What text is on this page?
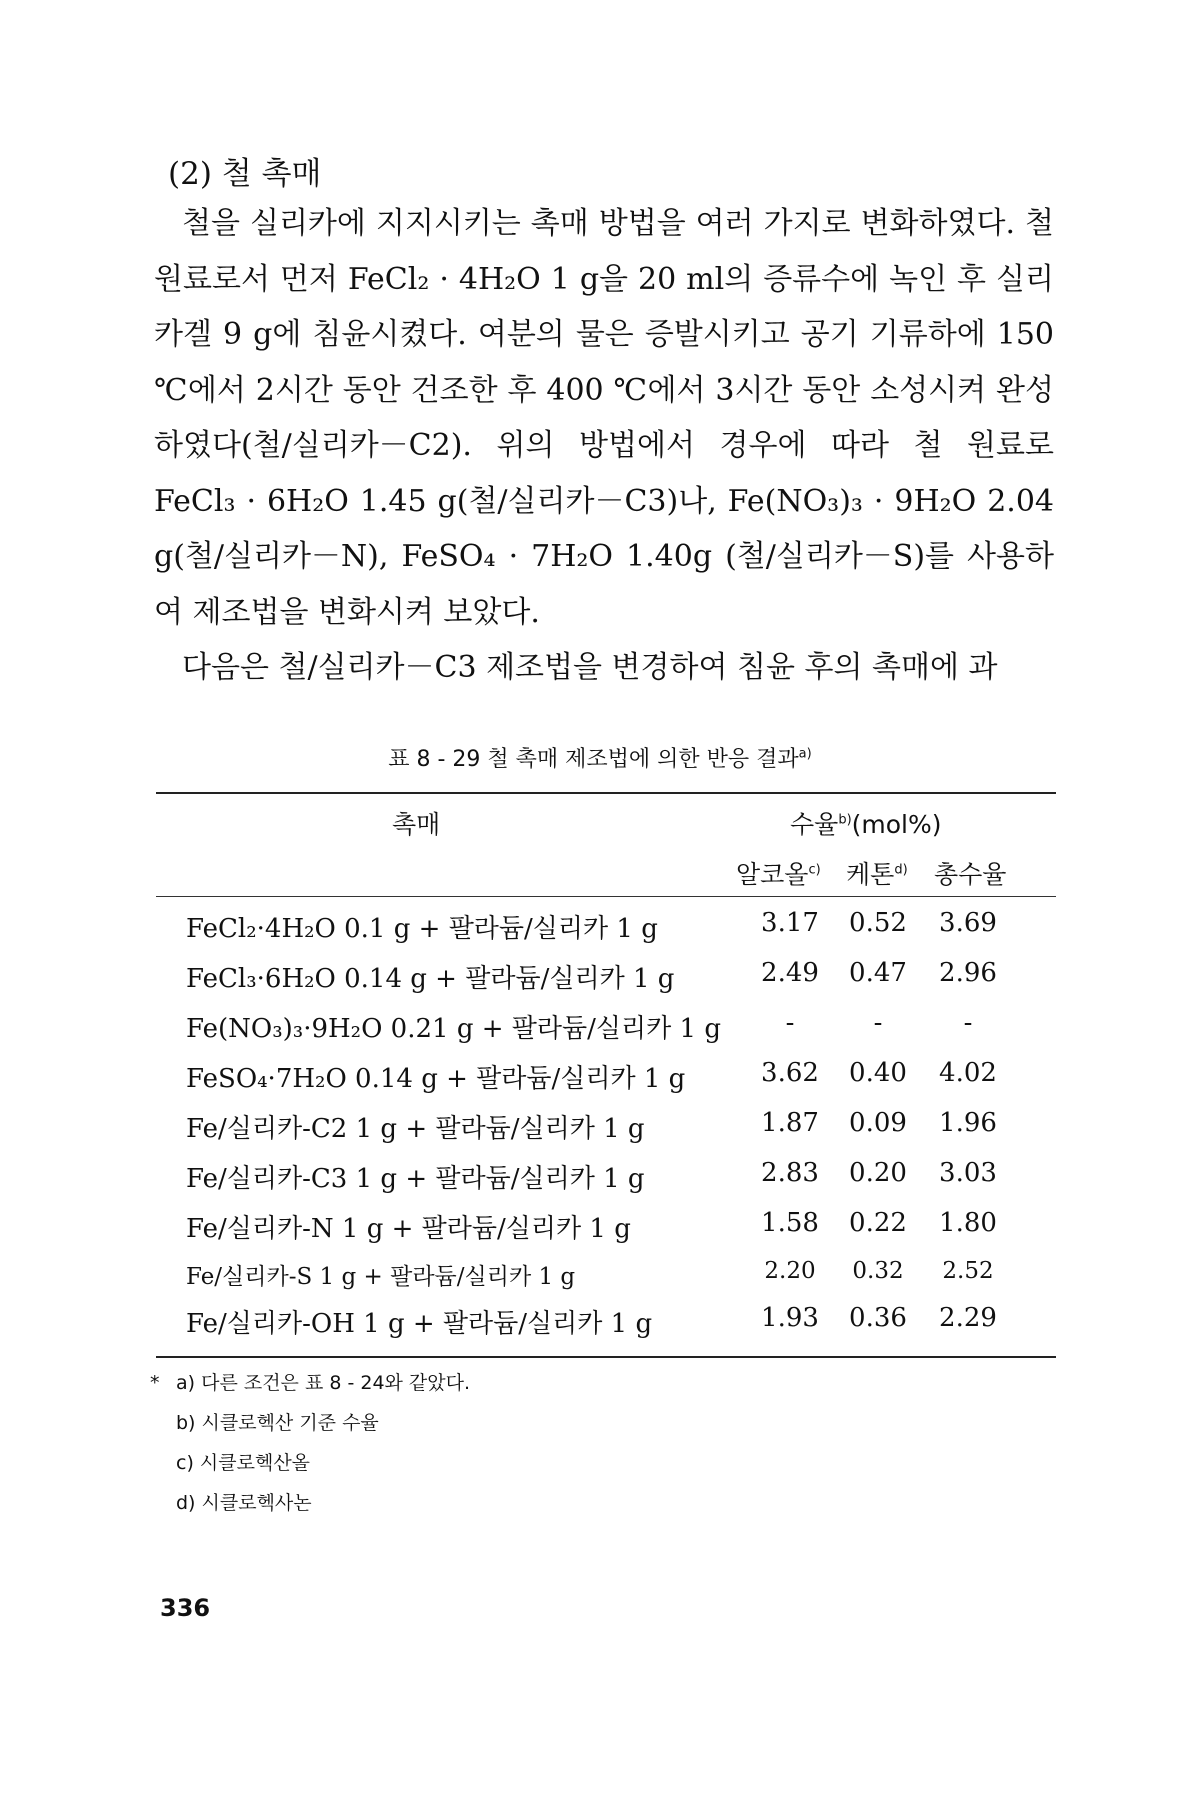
(2) 철 촉매

철을 실리카에 지지시키는 촉매 방법을 여러 가지로 변화하였다. 철 원료로서 먼저 FeCl₂ · 4H₂O 1 g을 20 ml의 증류수에 녹인 후 실리카겔 9 g에 침윤시켰다. 여분의 물은 증발시키고 공기 기류하에 150 ℃에서 2시간 동안 건조한 후 400 ℃에서 3시간 동안 소성시켜 완성하였다(철/실리카－C2). 위의 방법에서 경우에 따라 철 원료로 FeCl₃ · 6H₂O 1.45 g(철/실리카－C3)나, Fe(NO₃)₃ · 9H₂O 2.04 g(철/실리카－N), FeSO₄ · 7H₂O 1.40g (철/실리카－S)를 사용하여 제조법을 변화시켜 보았다.

다음은 철/실리카－C3 제조법을 변경하여 침윤 후의 촉매에 과

표 8 - 29 철 촉매 제조법에 의한 반응 결과$^{a)}$
촉매	수율$^{b)}$(mol%)
알코올$^{c)}$ 케톤$^{d)}$ 총수율
FeCl₂·4H₂O 0.1 g + 팔라듐/실리카 1 g	3.17	0.52	3.69
FeCl₃·6H₂O 0.14 g + 팔라듐/실리카 1 g	2.49	0.47	2.96
Fe(NO₃)₃·9H₂O 0.21 g + 팔라듐/실리카 1 g	-	-	-
FeSO₄·7H₂O 0.14 g + 팔라듐/실리카 1 g	3.62	0.40	4.02
Fe/실리카-C2 1 g + 팔라듐/실리카 1 g	1.87	0.09	1.96
Fe/실리카-C3 1 g + 팔라듐/실리카 1 g	2.83	0.20	3.03
Fe/실리카-N 1 g + 팔라듐/실리카 1 g	1.58	0.22	1.80
Fe/실리카-S 1 g + 팔라듐/실리카 1 g	2.20	0.32	2.52
Fe/실리카-OH 1 g + 팔라듐/실리카 1 g	1.93	0.36	2.29
* a) 다른 조건은 표 8 - 24와 같았다.
b) 시클로헥산 기준 수율
c) 시클로헥산올
d) 시클로헥사논
336
